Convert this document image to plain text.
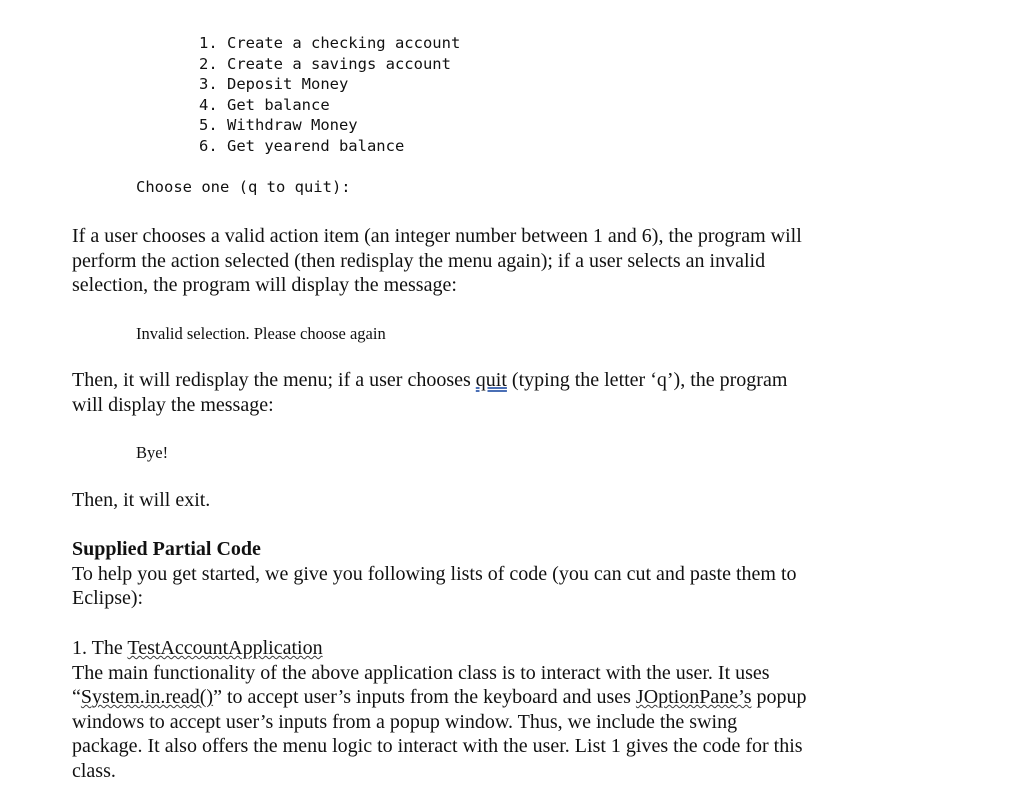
1. Create a checking account
2. Create a savings account
3. Deposit Money
4. Get balance
5. Withdraw Money
6. Get yearend balance
Choose one (q to quit):

If a user chooses a valid action item (an integer number between 1 and 6), the program will
perform the action selected (then redisplay the menu again); if a user selects an invalid
selection, the program will display the message:

Invalid selection. Please choose again

Then, it will redisplay the menu; if a user chooses quit (typing the letter ‘q’), the program
will display the message:

Bye!

Then, it will exit.

Supplied Partial Code
To help you get started, we give you following lists of code (you can cut and paste them to
Eclipse):

1. The TestAccountApplication
The main functionality of the above application class is to interact with the user. It uses
“System.in.read()” to accept user’s inputs from the keyboard and uses JOptionPane’s popup
windows to accept user’s inputs from a popup window. Thus, we include the swing
package. It also offers the menu logic to interact with the user. List 1 gives the code for this
class.
